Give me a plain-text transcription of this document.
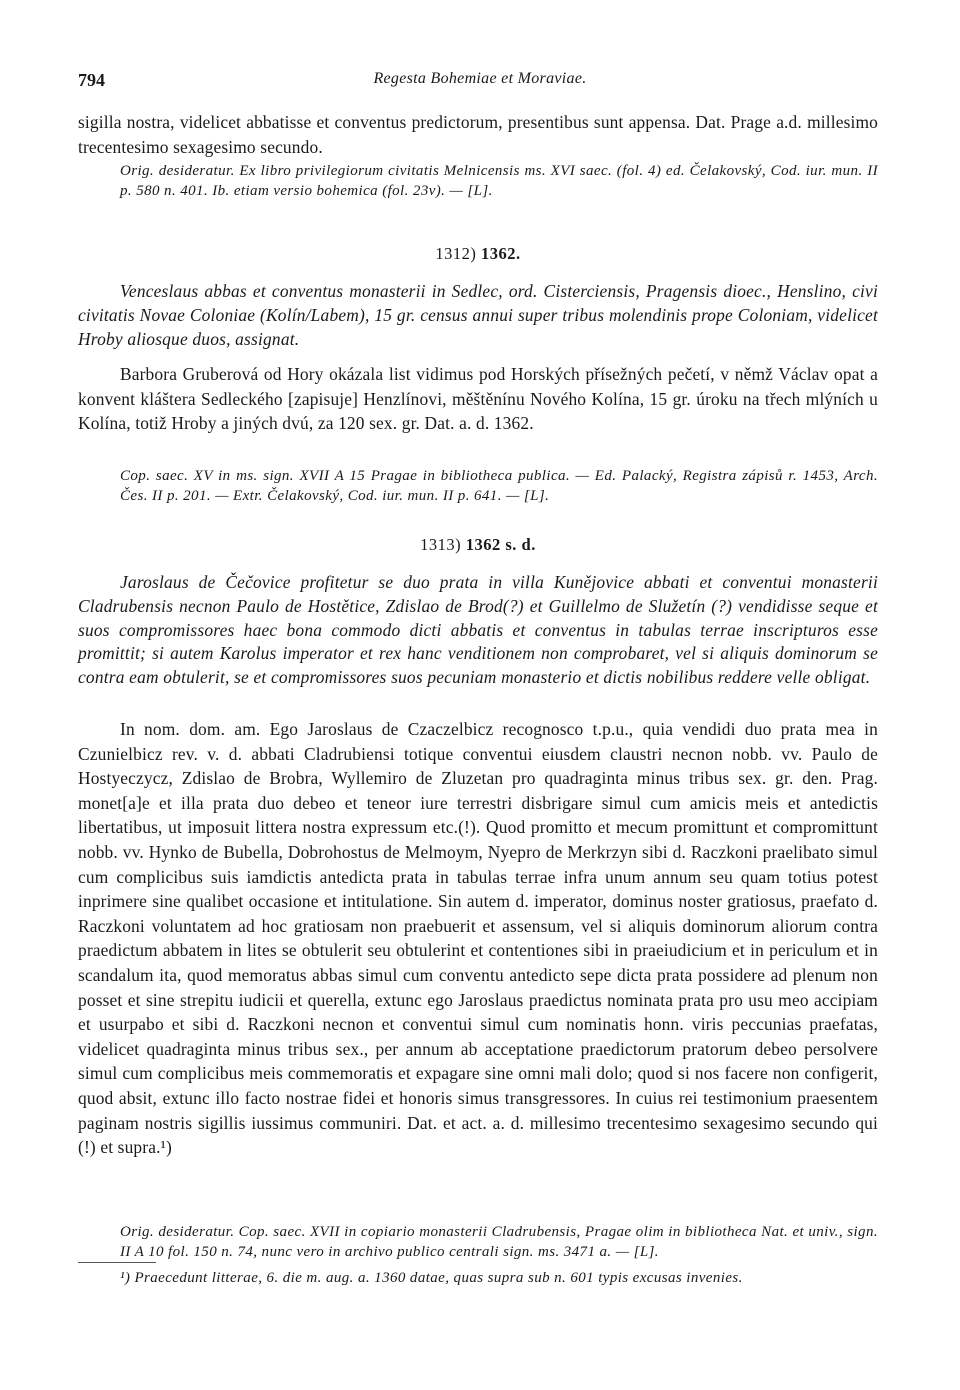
794	Regesta Bohemiae et Moraviae.

sigilla nostra, videlicet abbatisse et conventus predictorum, presentibus sunt appensa. Dat. Prage a.d. millesimo trecentesimo sexagesimo secundo.

Orig. desideratur. Ex libro privilegiorum civitatis Melnicensis ms. XVI saec. (fol. 4) ed. Čelakovský, Cod. iur. mun. II p. 580 n. 401. Ib. etiam versio bohemica (fol. 23v). — [L].

1312) 1362.

Venceslaus abbas et conventus monasterii in Sedlec, ord. Cisterciensis, Pragensis dioec., Henslino, civi civitatis Novae Coloniae (Kolín/Labem), 15 gr. census annui super tribus molendinis prope Coloniam, videlicet Hroby aliosque duos, assignat.

Barbora Gruberová od Hory okázala list vidimus pod Horských přísežných pečetí, v němž Václav opat a konvent kláštera Sedleckého [zapisuje] Henzlínovi, měštěnínu Nového Kolína, 15 gr. úroku na třech mlýních u Kolína, totiž Hroby a jiných dvú, za 120 sex. gr. Dat. a. d. 1362.

Cop. saec. XV in ms. sign. XVII A 15 Pragae in bibliotheca publica. — Ed. Palacký, Registra zápisů r. 1453, Arch. Čes. II p. 201. — Extr. Čelakovský, Cod. iur. mun. II p. 641. — [L].

1313) 1362 s. d.

Jaroslaus de Čečovice profitetur se duo prata in villa Kunějovice abbati et conventui monasterii Cladrubensis necnon Paulo de Hostětice, Zdislao de Brod(?) et Guillelmo de Služetín (?) vendidisse seque et suos compromissores haec bona commodo dicti abbatis et conventus in tabulas terrae inscripturos esse promittit; si autem Karolus imperator et rex hanc venditionem non comprobaret, vel si aliquis dominorum se contra eam obtulerit, se et compromissores suos pecuniam monasterio et dictis nobilibus reddere velle obligat.

In nom. dom. am. Ego Jaroslaus de Czaczelbicz recognosco t.p.u., quia vendidi duo prata mea in Czunielbicz rev. v. d. abbati Cladrubiensi totique conventui eiusdem claustri necnon nobb. vv. Paulo de Hostyeczycz, Zdislao de Brobra, Wyllemiro de Zluzetan pro quadraginta minus tribus sex. gr. den. Prag. monet[a]e et illa prata duo debeo et teneor iure terrestri disbrigare simul cum amicis meis et antedictis libertatibus, ut imposuit littera nostra expressum etc.(!). Quod promitto et mecum promittunt et compromittunt nobb. vv. Hynko de Bubella, Dobrohostus de Melmoym, Nyepro de Merkrzyn sibi d. Raczkoni praelibato simul cum complicibus suis iamdictis antedicta prata in tabulas terrae infra unum annum seu quam totius potest inprimere sine qualibet occasione et intitulatione. Sin autem d. imperator, dominus noster gratiosus, praefato d. Raczkoni voluntatem ad hoc gratiosam non praebuerit et assensum, vel si aliquis dominorum aliorum contra praedictum abbatem in lites se obtulerit seu obtulerint et contentiones sibi in praeiudicium et in periculum et in scandalum ita, quod memoratus abbas simul cum conventu antedicto sepe dicta prata possidere ad plenum non posset et sine strepitu iudicii et querella, extunc ego Jaroslaus praedictus nominata prata pro usu meo accipiam et usurpabo et sibi d. Raczkoni necnon et conventui simul cum nominatis honn. viris peccunias praefatas, videlicet quadraginta minus tribus sex., per annum ab acceptatione praedictorum pratorum debeo persolvere simul cum complicibus meis commemoratis et expagare sine omni mali dolo; quod si nos facere non configerit, quod absit, extunc illo facto nostrae fidei et honoris simus transgressores. In cuius rei testimonium praesentem paginam nostris sigillis iussimus communiri. Dat. et act. a. d. millesimo trecentesimo sexagesimo secundo qui (!) et supra.¹)

Orig. desideratur. Cop. saec. XVII in copiario monasterii Cladrubensis, Pragae olim in bibliotheca Nat. et univ., sign. II A 10 fol. 150 n. 74, nunc vero in archivo publico centrali sign. ms. 3471 a. — [L].

¹) Praecedunt litterae, 6. die m. aug. a. 1360 datae, quas supra sub n. 601 typis excusas invenies.
